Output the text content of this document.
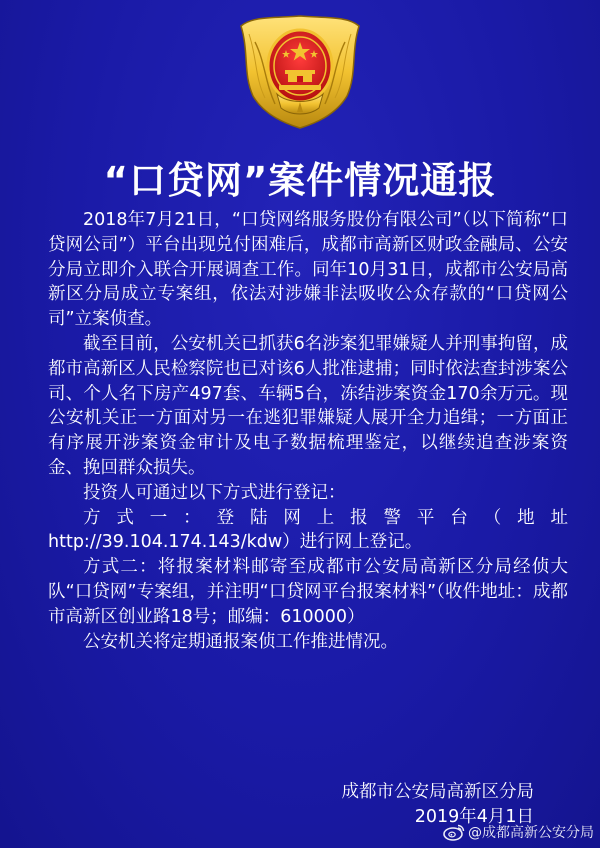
“口贷网”案件情况通报

2018年7月21日，“口贷网络服务股份有限公司”（以下简称“口贷网公司”）平台出现兑付困难后，成都市高新区财政金融局、公安分局立即介入联合开展调查工作。同年10月31日，成都市公安局高新区分局成立专案组，依法对涉嫌非法吸收公众存款的“口贷网公司”立案侦查。

截至目前，公安机关已抓获6名涉案犯罪嫌疑人并刑事拘留，成都市高新区人民检察院也已对该6人批准逮捕；同时依法查封涉案公司、个人名下房产497套、车辆5台，冻结涉案资金170余万元。现公安机关正一方面对另一在逃犯罪嫌疑人展开全力追缉；一方面正有序展开涉案资金审计及电子数据梳理鉴定，以继续追查涉案资金、挽回群众损失。

投资人可通过以下方式进行登记：

方式一：登陆网上报警平台（地址http://39.104.174.143/kdw）进行网上登记。

方式二：将报案材料邮寄至成都市公安局高新区分局经侦大队“口贷网”专案组，并注明“口贷网平台报案材料”（收件地址：成都市高新区创业路18号；邮编：610000）

公安机关将定期通报案侦工作推进情况。

成都市公安局高新区分局
2019年4月1日
@成都高新公安分局
